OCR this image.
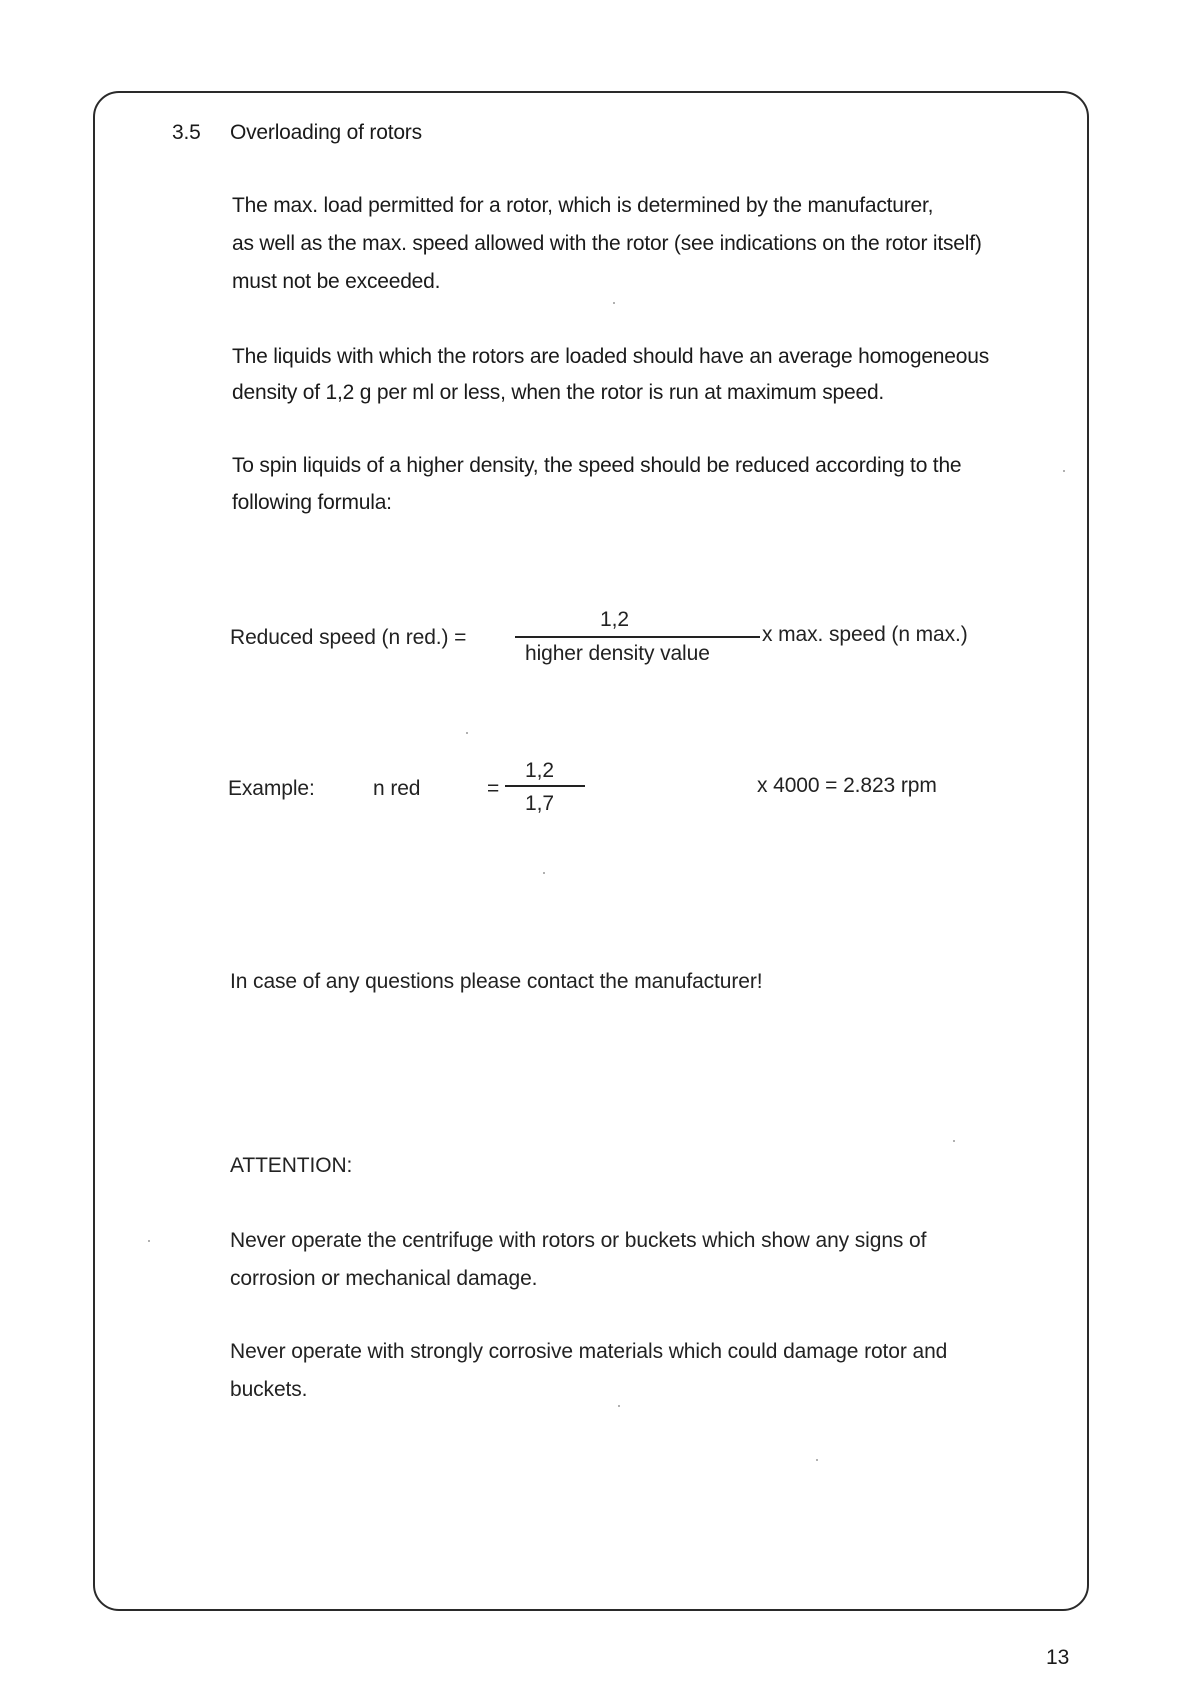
3.5 Overloading of rotors
The max. load permitted for a rotor, which is determined by the manufacturer,
as well as the max. speed allowed with the rotor (see indications on the rotor itself)
must not be exceeded.
The liquids with which the rotors are loaded should have an average homogeneous
density of 1,2 g per ml or less, when the rotor is run at maximum speed.
To spin liquids of a higher density, the speed should be reduced according to the
following formula:
Reduced speed (n red.) =
1,2
higher density value
x max. speed (n max.)
Example:	n red	=
1,2
1,7
x 4000 = 2.823 rpm
In case of any questions please contact the manufacturer!
ATTENTION:
Never operate the centrifuge with rotors or buckets which show any signs of
corrosion or mechanical damage.
Never operate with strongly corrosive materials which could damage rotor and
buckets.
13
